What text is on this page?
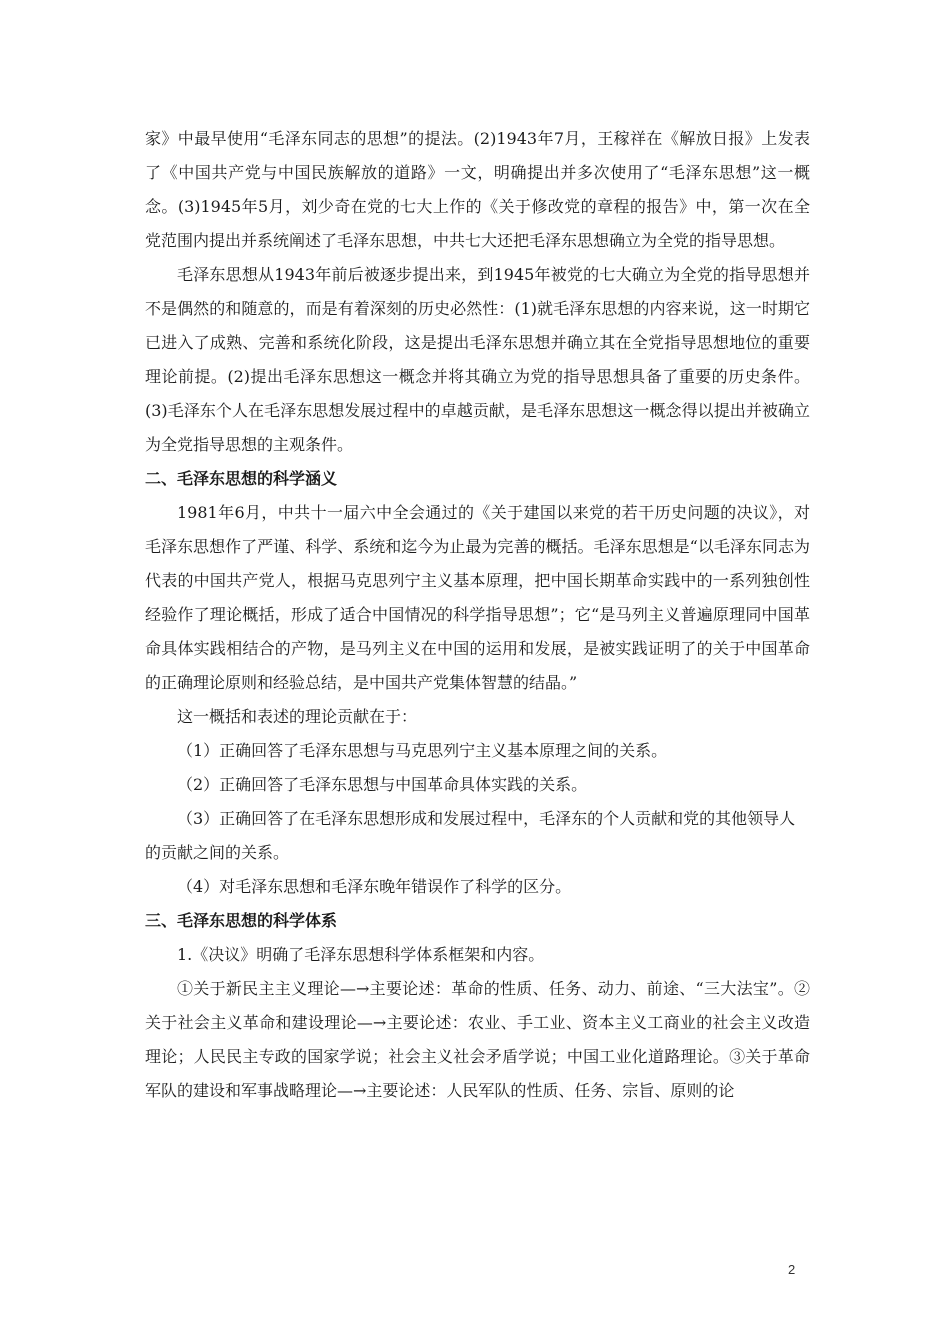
家》中最早使用“毛泽东同志的思想”的提法。(2)1943年7月，王稼祥在《解放日报》上发表了《中国共产党与中国民族解放的道路》一文，明确提出并多次使用了“毛泽东思想”这一概念。(3)1945年5月，刘少奇在党的七大上作的《关于修改党的章程的报告》中，第一次在全党范围内提出并系统阐述了毛泽东思想，中共七大还把毛泽东思想确立为全党的指导思想。

毛泽东思想从1943年前后被逐步提出来，到1945年被党的七大确立为全党的指导思想并不是偶然的和随意的，而是有着深刻的历史必然性：(1)就毛泽东思想的内容来说，这一时期它已进入了成熟、完善和系统化阶段，这是提出毛泽东思想并确立其在全党指导思想地位的重要理论前提。(2)提出毛泽东思想这一概念并将其确立为党的指导思想具备了重要的历史条件。(3)毛泽东个人在毛泽东思想发展过程中的卓越贡献，是毛泽东思想这一概念得以提出并被确立为全党指导思想的主观条件。

二、毛泽东思想的科学涵义

1981年6月，中共十一届六中全会通过的《关于建国以来党的若干历史问题的决议》，对毛泽东思想作了严谨、科学、系统和迄今为止最为完善的概括。毛泽东思想是“以毛泽东同志为代表的中国共产党人，根据马克思列宁主义基本原理，把中国长期革命实践中的一系列独创性经验作了理论概括，形成了适合中国情况的科学指导思想”；它“是马列主义普遍原理同中国革命具体实践相结合的产物，是马列主义在中国的运用和发展，是被实践证明了的关于中国革命的正确理论原则和经验总结，是中国共产党集体智慧的结晶。”

这一概括和表述的理论贡献在于：

（1）正确回答了毛泽东思想与马克思列宁主义基本原理之间的关系。

（2）正确回答了毛泽东思想与中国革命具体实践的关系。

（3）正确回答了在毛泽东思想形成和发展过程中，毛泽东的个人贡献和党的其他领导人的贡献之间的关系。

（4）对毛泽东思想和毛泽东晚年错误作了科学的区分。

三、毛泽东思想的科学体系

1.《决议》明确了毛泽东思想科学体系框架和内容。

①关于新民主主义理论—→主要论述：革命的性质、任务、动力、前途、“三大法宝”。②关于社会主义革命和建设理论—→主要论述：农业、手工业、资本主义工商业的社会主义改造理论；人民民主专政的国家学说；社会主义社会矛盾学说；中国工业化道路理论。③关于革命军队的建设和军事战略理论—→主要论述：人民军队的性质、任务、宗旨、原则的论

2
